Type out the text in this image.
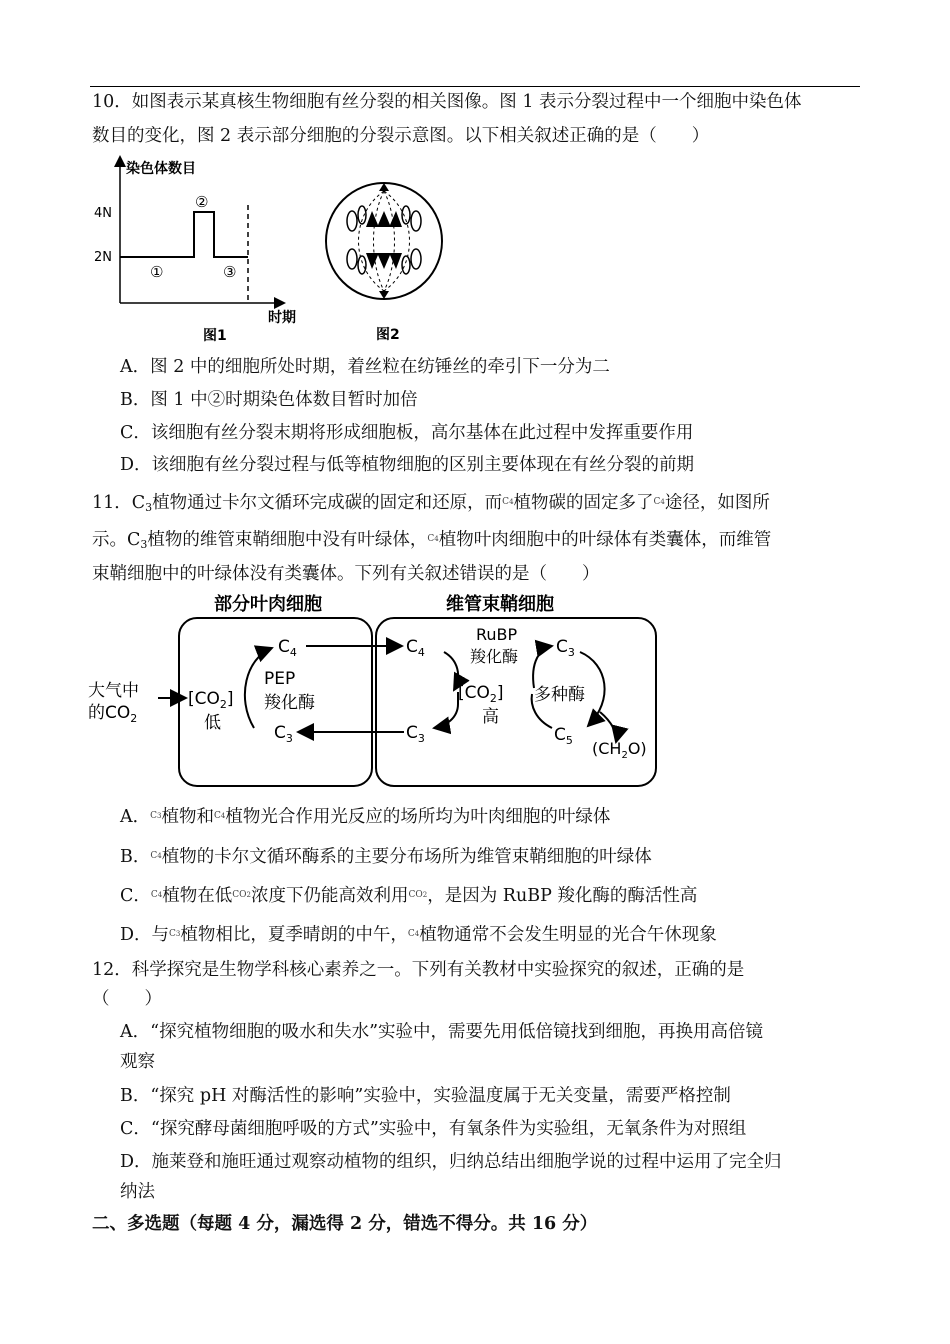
10．如图表示某真核生物细胞有丝分裂的相关图像。图 1 表示分裂过程中一个细胞中染色体
数目的变化，图 2 表示部分细胞的分裂示意图。以下相关叙述正确的是（　　）
染色体数目
4N
2N
①
②
③
时期
图1	图2
A．图 2 中的细胞所处时期，着丝粒在纺锤丝的牵引下一分为二
B．图 1 中②时期染色体数目暂时加倍
C．该细胞有丝分裂末期将形成细胞板，高尔基体在此过程中发挥重要作用
D．该细胞有丝分裂过程与低等植物细胞的区别主要体现在有丝分裂的前期
11．$C_3$植物通过卡尔文循环完成碳的固定和还原，而$^{C4}$植物碳的固定多了$^{C4}$途径，如图所
示。$C_3$植物的维管束鞘细胞中没有叶绿体，$^{C4}$植物叶肉细胞中的叶绿体有类囊体，而维管
束鞘细胞中的叶绿体没有类囊体。下列有关叙述错误的是（　　）
部分叶肉细胞	维管束鞘细胞
大气中
的$CO_2$
$[CO_2]$
低
PEP
羧化酶
$C_4$
$C_3$
$C_4$
$C_3$
$[CO_2]$
高
RuBP
羧化酶 $C_3$
多种酶
$C_5$ $(CH_2O)$
A．$^{C3}$植物和$^{C4}$植物光合作用光反应的场所均为叶肉细胞的叶绿体
B．$^{C4}$植物的卡尔文循环酶系的主要分布场所为维管束鞘细胞的叶绿体
C．$^{C4}$植物在低$^{CO2}$浓度下仍能高效利用$^{CO2}$，是因为 RuBP 羧化酶的酶活性高
D．与$^{C3}$植物相比，夏季晴朗的中午，$^{C4}$植物通常不会发生明显的光合午休现象
12．科学探究是生物学科核心素养之一。下列有关教材中实验探究的叙述，正确的是
（　　）
A．“探究植物细胞的吸水和失水”实验中，需要先用低倍镜找到细胞，再换用高倍镜
观察
B．“探究 pH 对酶活性的影响”实验中，实验温度属于无关变量，需要严格控制
C．“探究酵母菌细胞呼吸的方式”实验中，有氧条件为实验组，无氧条件为对照组
D．施莱登和施旺通过观察动植物的组织，归纳总结出细胞学说的过程中运用了完全归
纳法
二、多选题（每题 4 分，漏选得 2 分，错选不得分。共 16 分）
